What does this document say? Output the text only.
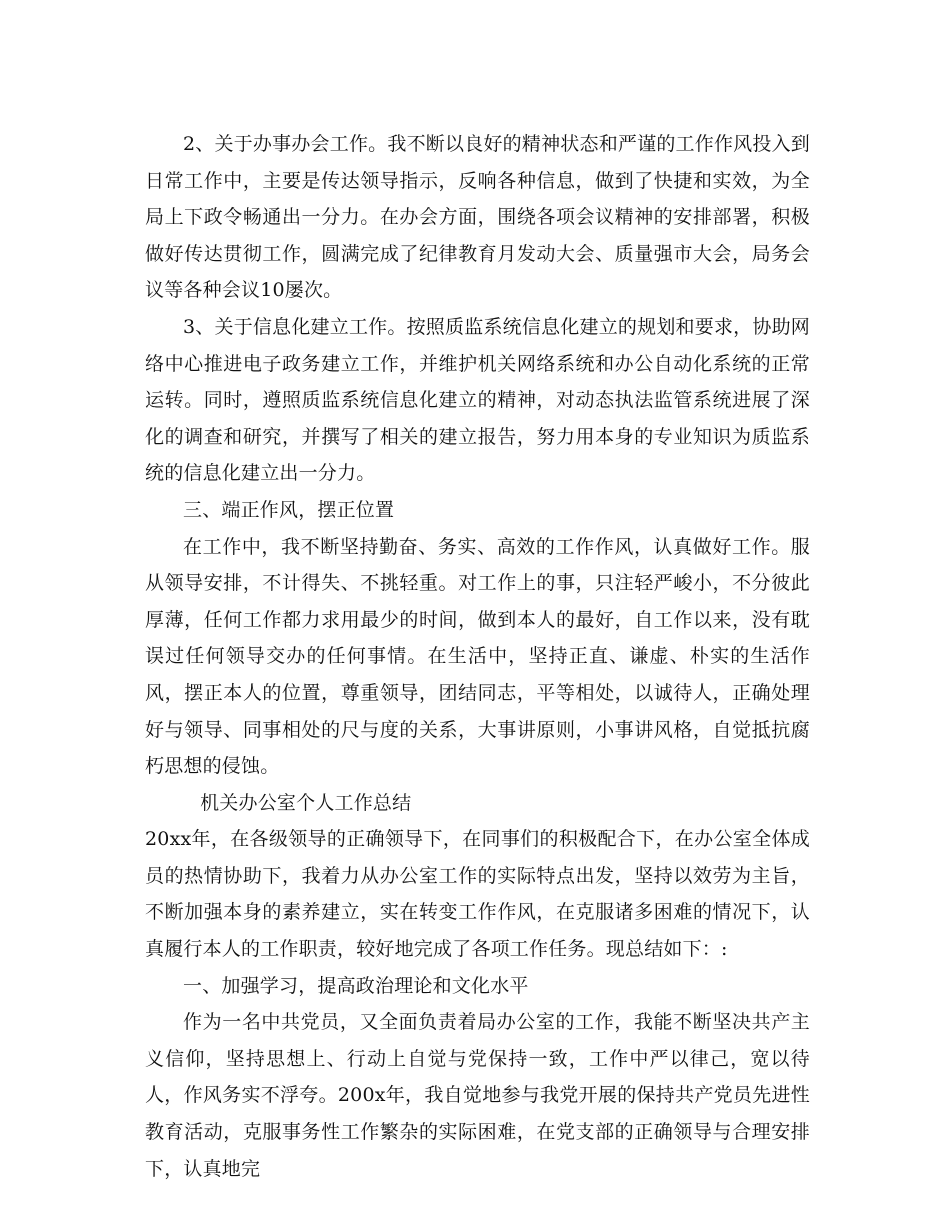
2、关于办事办会工作。我不断以良好的精神状态和严谨的工作作风投入到日常工作中，主要是传达领导指示，反响各种信息，做到了快捷和实效，为全局上下政令畅通出一分力。在办会方面，围绕各项会议精神的安排部署，积极做好传达贯彻工作，圆满完成了纪律教育月发动大会、质量强市大会，局务会议等各种会议10屡次。

3、关于信息化建立工作。按照质监系统信息化建立的规划和要求，协助网络中心推进电子政务建立工作，并维护机关网络系统和办公自动化系统的正常运转。同时，遵照质监系统信息化建立的精神，对动态执法监管系统进展了深化的调查和研究，并撰写了相关的建立报告，努力用本身的专业知识为质监系统的信息化建立出一分力。

三、端正作风，摆正位置

在工作中，我不断坚持勤奋、务实、高效的工作作风，认真做好工作。服从领导安排，不计得失、不挑轻重。对工作上的事，只注轻严峻小，不分彼此厚薄，任何工作都力求用最少的时间，做到本人的最好，自工作以来，没有耽误过任何领导交办的任何事情。在生活中，坚持正直、谦虚、朴实的生活作风，摆正本人的位置，尊重领导，团结同志，平等相处，以诚待人，正确处理好与领导、同事相处的尺与度的关系，大事讲原则，小事讲风格，自觉抵抗腐朽思想的侵蚀。

机关办公室个人工作总结

20xx年，在各级领导的正确领导下，在同事们的积极配合下，在办公室全体成员的热情协助下，我着力从办公室工作的实际特点出发，坚持以效劳为主旨，不断加强本身的素养建立，实在转变工作作风，在克服诸多困难的情况下，认真履行本人的工作职责，较好地完成了各项工作任务。现总结如下：:

一、加强学习，提高政治理论和文化水平

作为一名中共党员，又全面负责着局办公室的工作，我能不断坚决共产主义信仰，坚持思想上、行动上自觉与党保持一致，工作中严以律己，宽以待人，作风务实不浮夸。200x年，我自觉地参与我党开展的保持共产党员先进性教育活动，克服事务性工作繁杂的实际困难，在党支部的正确领导与合理安排下，认真地完
